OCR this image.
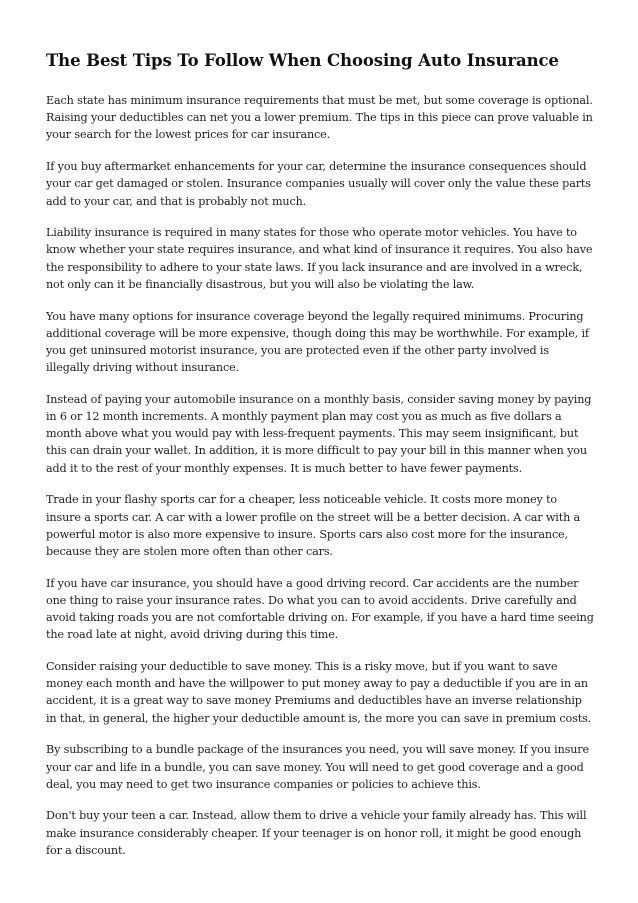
The Best Tips To Follow When Choosing Auto Insurance

Each state has minimum insurance requirements that must be met, but some coverage is optional. Raising your deductibles can net you a lower premium. The tips in this piece can prove valuable in your search for the lowest prices for car insurance.

If you buy aftermarket enhancements for your car, determine the insurance consequences should your car get damaged or stolen. Insurance companies usually will cover only the value these parts add to your car, and that is probably not much.

Liability insurance is required in many states for those who operate motor vehicles. You have to know whether your state requires insurance, and what kind of insurance it requires. You also have the responsibility to adhere to your state laws. If you lack insurance and are involved in a wreck, not only can it be financially disastrous, but you will also be violating the law.

You have many options for insurance coverage beyond the legally required minimums. Procuring additional coverage will be more expensive, though doing this may be worthwhile. For example, if you get uninsured motorist insurance, you are protected even if the other party involved is illegally driving without insurance.

Instead of paying your automobile insurance on a monthly basis, consider saving money by paying in 6 or 12 month increments. A monthly payment plan may cost you as much as five dollars a month above what you would pay with less-frequent payments. This may seem insignificant, but this can drain your wallet. In addition, it is more difficult to pay your bill in this manner when you add it to the rest of your monthly expenses. It is much better to have fewer payments.

Trade in your flashy sports car for a cheaper, less noticeable vehicle. It costs more money to insure a sports car. A car with a lower profile on the street will be a better decision. A car with a powerful motor is also more expensive to insure. Sports cars also cost more for the insurance, because they are stolen more often than other cars.

If you have car insurance, you should have a good driving record. Car accidents are the number one thing to raise your insurance rates. Do what you can to avoid accidents. Drive carefully and avoid taking roads you are not comfortable driving on. For example, if you have a hard time seeing the road late at night, avoid driving during this time.

Consider raising your deductible to save money. This is a risky move, but if you want to save money each month and have the willpower to put money away to pay a deductible if you are in an accident, it is a great way to save money Premiums and deductibles have an inverse relationship in that, in general, the higher your deductible amount is, the more you can save in premium costs.

By subscribing to a bundle package of the insurances you need, you will save money. If you insure your car and life in a bundle, you can save money. You will need to get good coverage and a good deal, you may need to get two insurance companies or policies to achieve this.

Don't buy your teen a car. Instead, allow them to drive a vehicle your family already has. This will make insurance considerably cheaper. If your teenager is on honor roll, it might be good enough for a discount.
